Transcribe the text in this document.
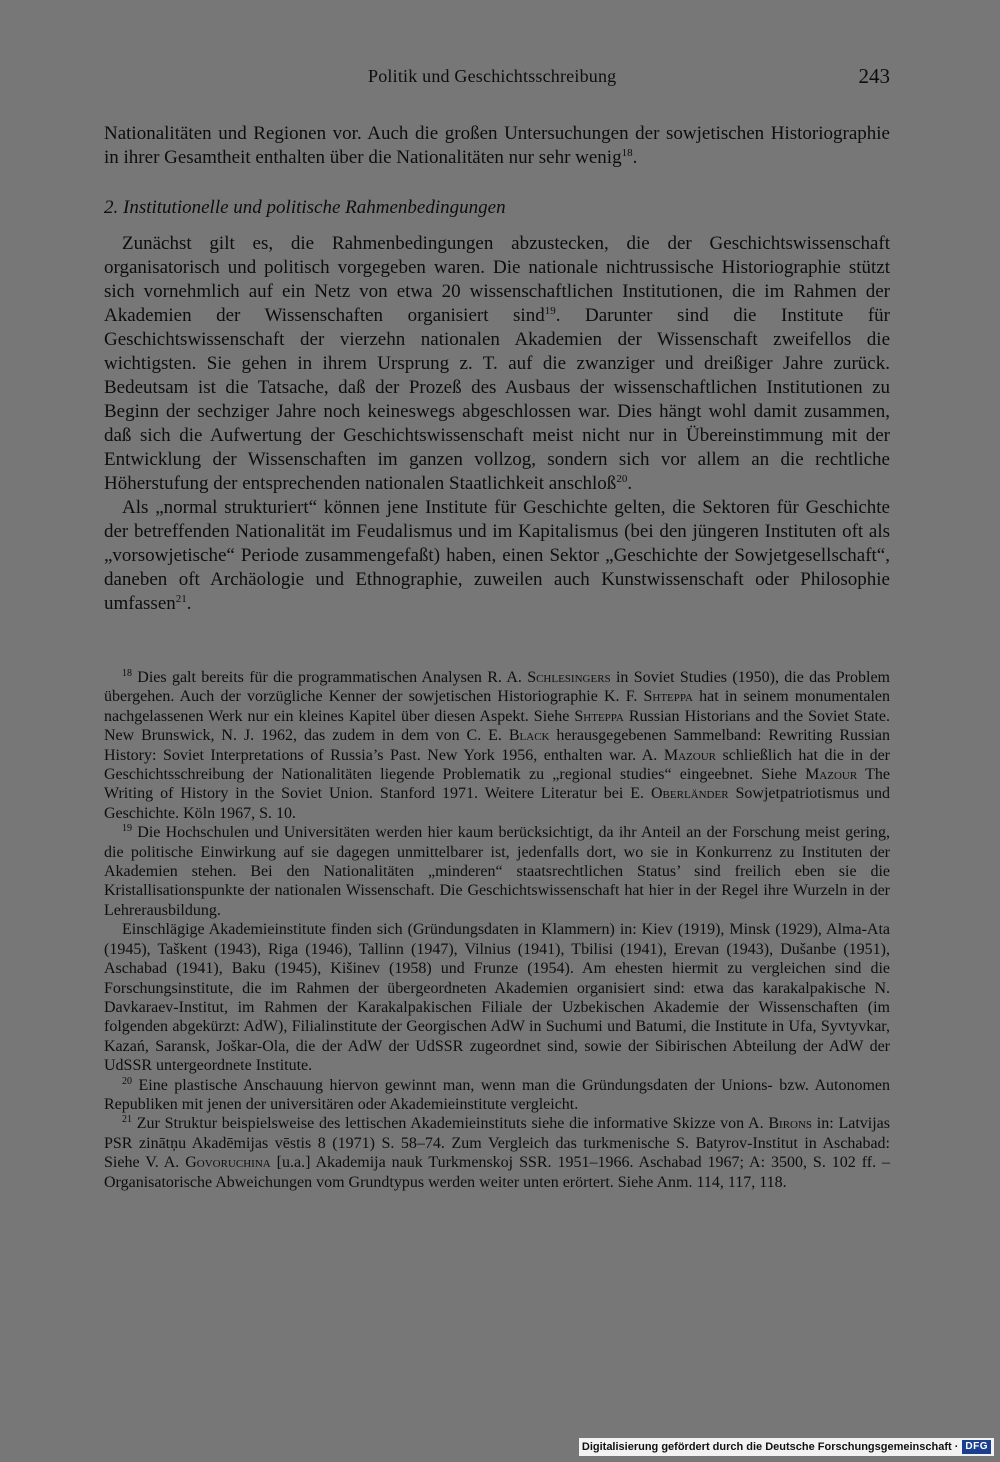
Politik und Geschichtsschreibung	243

Nationalitäten und Regionen vor. Auch die großen Untersuchungen der sowjetischen Historiographie in ihrer Gesamtheit enthalten über die Nationalitäten nur sehr wenig$^{18}$.

2. Institutionelle und politische Rahmenbedingungen

Zunächst gilt es, die Rahmenbedingungen abzustecken, die der Geschichtswissenschaft organisatorisch und politisch vorgegeben waren. Die nationale nichtrussische Historiographie stützt sich vornehmlich auf ein Netz von etwa 20 wissenschaftlichen Institutionen, die im Rahmen der Akademien der Wissenschaften organisiert sind$^{19}$. Darunter sind die Institute für Geschichtswissenschaft der vierzehn nationalen Akademien der Wissenschaft zweifellos die wichtigsten. Sie gehen in ihrem Ursprung z. T. auf die zwanziger und dreißiger Jahre zurück. Bedeutsam ist die Tatsache, daß der Prozeß des Ausbaus der wissenschaftlichen Institutionen zu Beginn der sechziger Jahre noch keineswegs abgeschlossen war. Dies hängt wohl damit zusammen, daß sich die Aufwertung der Geschichtswissenschaft meist nicht nur in Übereinstimmung mit der Entwicklung der Wissenschaften im ganzen vollzog, sondern sich vor allem an die rechtliche Höherstufung der entsprechenden nationalen Staatlichkeit anschloß$^{20}$.

Als „normal strukturiert“ können jene Institute für Geschichte gelten, die Sektoren für Geschichte der betreffenden Nationalität im Feudalismus und im Kapitalismus (bei den jüngeren Instituten oft als „vorsowjetische“ Periode zusammengefaßt) haben, einen Sektor „Geschichte der Sowjetgesellschaft“, daneben oft Archäologie und Ethnographie, zuweilen auch Kunstwissenschaft oder Philosophie umfassen$^{21}$.

$^{18}$ Dies galt bereits für die programmatischen Analysen R. A. Schlesingers in Soviet Studies (1950), die das Problem übergehen. Auch der vorzügliche Kenner der sowjetischen Historiographie K. F. Shteppa hat in seinem monumentalen nachgelassenen Werk nur ein kleines Kapitel über diesen Aspekt. Siehe Shteppa Russian Historians and the Soviet State. New Brunswick, N. J. 1962, das zudem in dem von C. E. Black herausgegebenen Sammelband: Rewriting Russian History: Soviet Interpretations of Russia’s Past. New York 1956, enthalten war. A. Mazour schließlich hat die in der Geschichtsschreibung der Nationalitäten liegende Problematik zu „regional studies“ eingeebnet. Siehe Mazour The Writing of History in the Soviet Union. Stanford 1971. Weitere Literatur bei E. Oberländer Sowjetpatriotismus und Geschichte. Köln 1967, S. 10.

$^{19}$ Die Hochschulen und Universitäten werden hier kaum berücksichtigt, da ihr Anteil an der Forschung meist gering, die politische Einwirkung auf sie dagegen unmittelbarer ist, jedenfalls dort, wo sie in Konkurrenz zu Instituten der Akademien stehen. Bei den Nationalitäten „minderen“ staatsrechtlichen Status’ sind freilich eben sie die Kristallisationspunkte der nationalen Wissenschaft. Die Geschichtswissenschaft hat hier in der Regel ihre Wurzeln in der Lehrerausbildung.

Einschlägige Akademieinstitute finden sich (Gründungsdaten in Klammern) in: Kiev (1919), Minsk (1929), Alma-Ata (1945), Taškent (1943), Riga (1946), Tallinn (1947), Vilnius (1941), Tbilisi (1941), Erevan (1943), Dušanbe (1951), Aschabad (1941), Baku (1945), Kišinev (1958) und Frunze (1954). Am ehesten hiermit zu vergleichen sind die Forschungsinstitute, die im Rahmen der übergeordneten Akademien organisiert sind: etwa das karakalpakische N. Davkaraev-Institut, im Rahmen der Karakalpakischen Filiale der Uzbekischen Akademie der Wissenschaften (im folgenden abgekürzt: AdW), Filialinstitute der Georgischen AdW in Suchumi und Batumi, die Institute in Ufa, Syvtyvkar, Kazań, Saransk, Joškar-Ola, die der AdW der UdSSR zugeordnet sind, sowie der Sibirischen Abteilung der AdW der UdSSR untergeordnete Institute.

$^{20}$ Eine plastische Anschauung hiervon gewinnt man, wenn man die Gründungsdaten der Unions- bzw. Autonomen Republiken mit jenen der universitären oder Akademieinstitute vergleicht.

$^{21}$ Zur Struktur beispielsweise des lettischen Akademieinstituts siehe die informative Skizze von A. Birons in: Latvijas PSR zinātņu Akadēmijas vēstis 8 (1971) S. 58–74. Zum Vergleich das turkmenische S. Batyrov-Institut in Aschabad: Siehe V. A. Govoruchina [u.a.] Akademija nauk Turkmenskoj SSR. 1951–1966. Aschabad 1967; A: 3500, S. 102 ff. – Organisatorische Abweichungen vom Grundtypus werden weiter unten erörtert. Siehe Anm. 114, 117, 118.

Digitalisierung gefördert durch die Deutsche Forschungsgemeinschaft · DFG
